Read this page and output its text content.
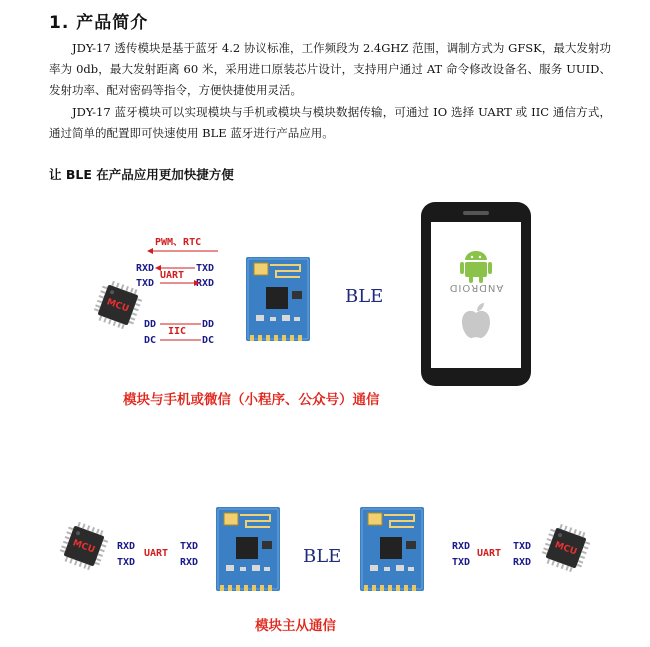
1. 产品简介
JDY-17 透传模块是基于蓝牙 4.2 协议标准，工作频段为 2.4GHZ 范围，调制方式为 GFSK，最大发射功率为 0db，最大发射距离 60 米，采用进口原装芯片设计，支持用户通过 AT 命令修改设备名、服务 UUID、发射功率、配对密码等指令，方便快捷使用灵活。
JDY-17 蓝牙模块可以实现模块与手机或模块与模块数据传输，可通过 IO 选择 UART 或 IIC 通信方式，通过简单的配置即可快速使用 BLE 蓝牙进行产品应用。
让 BLE 在产品应用更加快捷方便
MCU
PWM、RTC
RXD
TXD
UART
TXD
RXD
DD
DC
IIC
DD
DC
BLE	ANDROID
模块与手机或微信（小程序、公众号）通信
MCU RXD
TXD
UART
TXD
RXD	BLE	RXD
TXD
UART
TXD
RXD
MCU
模块主从通信
